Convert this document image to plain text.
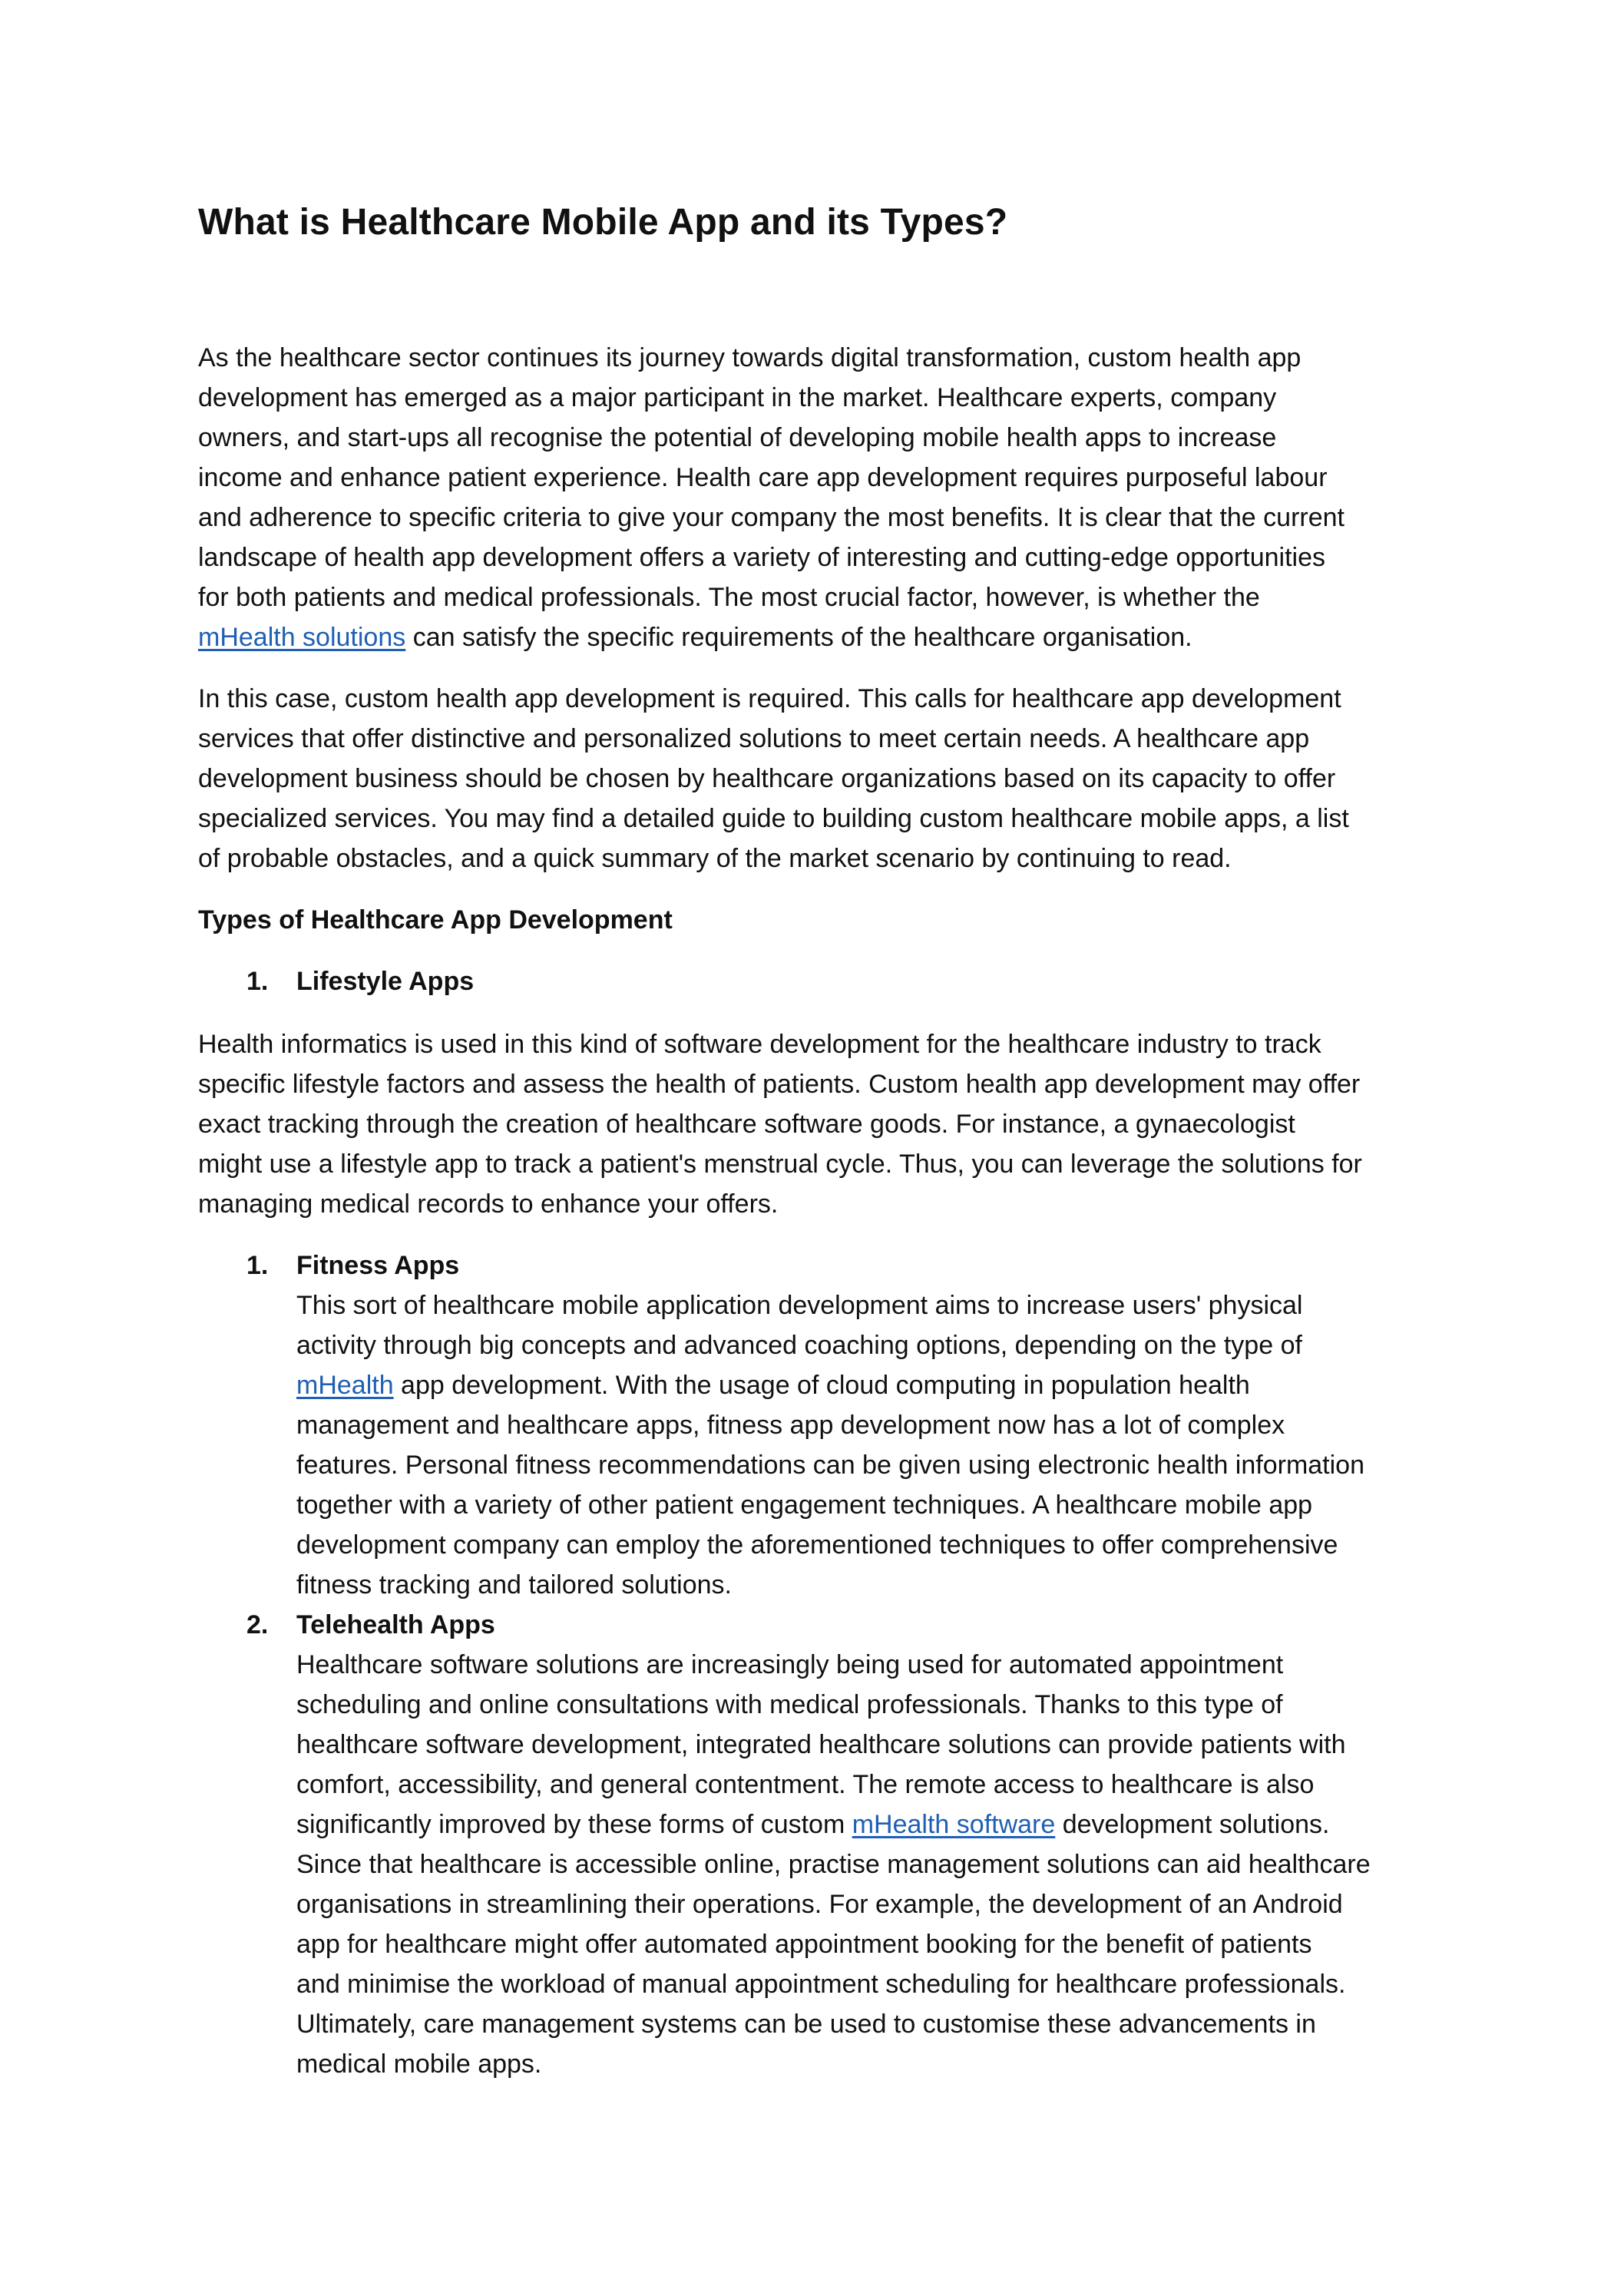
What is Healthcare Mobile App and its Types?
As the healthcare sector continues its journey towards digital transformation, custom health app
development has emerged as a major participant in the market. Healthcare experts, company
owners, and start-ups all recognise the potential of developing mobile health apps to increase
income and enhance patient experience. Health care app development requires purposeful labour
and adherence to specific criteria to give your company the most benefits. It is clear that the current
landscape of health app development offers a variety of interesting and cutting-edge opportunities
for both patients and medical professionals. The most crucial factor, however, is whether the
mHealth solutions can satisfy the specific requirements of the healthcare organisation.
In this case, custom health app development is required. This calls for healthcare app development
services that offer distinctive and personalized solutions to meet certain needs. A healthcare app
development business should be chosen by healthcare organizations based on its capacity to offer
specialized services. You may find a detailed guide to building custom healthcare mobile apps, a list
of probable obstacles, and a quick summary of the market scenario by continuing to read.
Types of Healthcare App Development
1. Lifestyle Apps
Health informatics is used in this kind of software development for the healthcare industry to track
specific lifestyle factors and assess the health of patients. Custom health app development may offer
exact tracking through the creation of healthcare software goods. For instance, a gynaecologist
might use a lifestyle app to track a patient's menstrual cycle. Thus, you can leverage the solutions for
managing medical records to enhance your offers.
1. Fitness Apps
This sort of healthcare mobile application development aims to increase users' physical
activity through big concepts and advanced coaching options, depending on the type of
mHealth app development. With the usage of cloud computing in population health
management and healthcare apps, fitness app development now has a lot of complex
features. Personal fitness recommendations can be given using electronic health information
together with a variety of other patient engagement techniques. A healthcare mobile app
development company can employ the aforementioned techniques to offer comprehensive
fitness tracking and tailored solutions.
2. Telehealth Apps
Healthcare software solutions are increasingly being used for automated appointment
scheduling and online consultations with medical professionals. Thanks to this type of
healthcare software development, integrated healthcare solutions can provide patients with
comfort, accessibility, and general contentment. The remote access to healthcare is also
significantly improved by these forms of custom mHealth software development solutions.
Since that healthcare is accessible online, practise management solutions can aid healthcare
organisations in streamlining their operations. For example, the development of an Android
app for healthcare might offer automated appointment booking for the benefit of patients
and minimise the workload of manual appointment scheduling for healthcare professionals.
Ultimately, care management systems can be used to customise these advancements in
medical mobile apps.
